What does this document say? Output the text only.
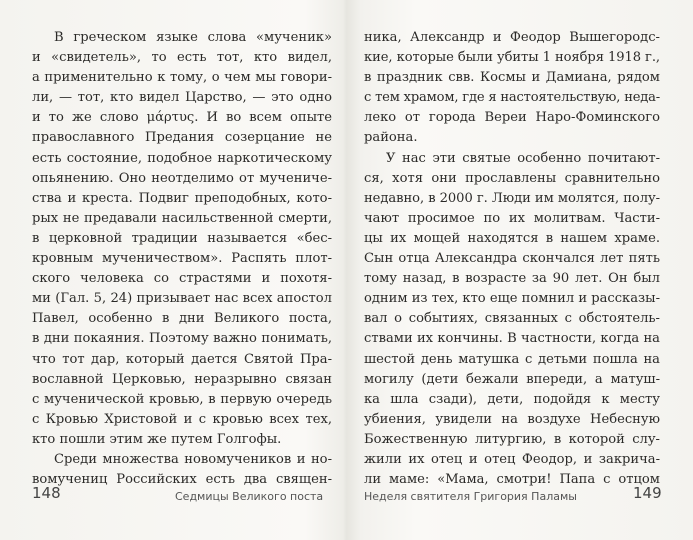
В греческом языке слова «мученик»
и «свидетель», то есть тот, кто видел,
а применительно к тому, о чем мы говори-
ли, — тот, кто видел Царство, — это одно
и то же слово μάρτυς. И во всем опыте
православного Предания созерцание не
есть состояние, подобное наркотическому
опьянению. Оно неотделимо от мучениче-
ства и креста. Подвиг преподобных, кото-
рых не предавали насильственной смерти,
в церковной традиции называется «бес-
кровным мученичеством». Распять плот-
ского человека со страстями и похотя-
ми (Гал. 5, 24) призывает нас всех апостол
Павел, особенно в дни Великого поста,
в дни покаяния. Поэтому важно понимать,
что тот дар, который дается Святой Пра-
вославной Церковью, неразрывно связан
с мученической кровью, в первую очередь
с Кровью Христовой и с кровью всех тех,
кто пошли этим же путем Голгофы.
Среди множества новомучеников и но-
вомучениц Российских есть два священ-
ника, Александр и Феодор Вышегородс-
кие, которые были убиты 1 ноября 1918 г.,
в праздник свв. Космы и Дамиана, рядом
с тем храмом, где я настоятельствую, неда-
леко от города Вереи Наро-Фоминского
района.
У нас эти святые особенно почитают-
ся, хотя они прославлены сравнительно
недавно, в 2000 г. Люди им молятся, полу-
чают просимое по их молитвам. Части-
цы их мощей находятся в нашем храме.
Сын отца Александра скончался лет пять
тому назад, в возрасте за 90 лет. Он был
одним из тех, кто еще помнил и рассказы-
вал о событиях, связанных с обстоятель-
ствами их кончины. В частности, когда на
шестой день матушка с детьми пошла на
могилу (дети бежали впереди, а матуш-
ка шла сзади), дети, подойдя к месту
убиения, увидели на воздухе Небесную
Божественную литургию, в которой слу-
жили их отец и отец Феодор, и закрича-
ли маме: «Мама, смотри! Папа с отцом
148	Седмицы Великого поста	Неделя святителя Григория Паламы	149
